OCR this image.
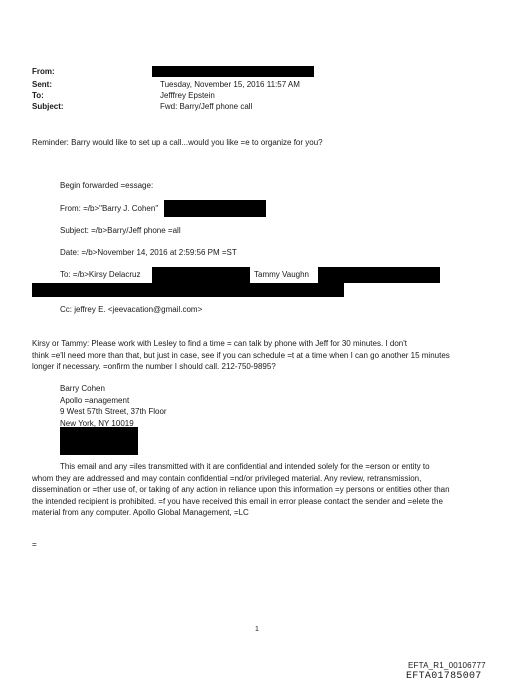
From:
Sent:	Tuesday, November 15, 2016 11:57 AM
To:	Jefffrey Epstein
Subject:	Fwd: Barry/Jeff phone call
Reminder: Barry would like to set up a call...would you like =e to organize for you?
Begin forwarded =essage:
From: =/b>"Barry J. Cohen"
Subject: =/b>Barry/Jeff phone =all
Date: =/b>November 14, 2016 at 2:59:56 PM =ST
To: =/b>Kirsy Delacruz	Tammy Vaughn
Cc: jeffrey E. <jeevacation@gmail.com>
Kirsy or Tammy: Please work with Lesley to find a time = can talk by phone with Jeff for 30 minutes. I don't
think =e'll need more than that, but just in case, see if you can schedule =t at a time when I can go another 15 minutes
longer if necessary. =onfirm the number I should call. 212-750-9895?
Barry Cohen
Apollo =anagement
9 West 57th Street, 37th Floor
New York, NY 10019
This email and any =iles transmitted with it are confidential and intended solely for the =erson or entity to
whom they are addressed and may contain confidential =nd/or privileged material. Any review, retransmission,
dissemination or =ther use of, or taking of any action in reliance upon this information =y persons or entities other than
the intended recipient is prohibited. =f you have received this email in error please contact the sender and =elete the
material from any computer. Apollo Global Management, =LC
=
1
EFTA_R1_00106777
EFTA01785007
